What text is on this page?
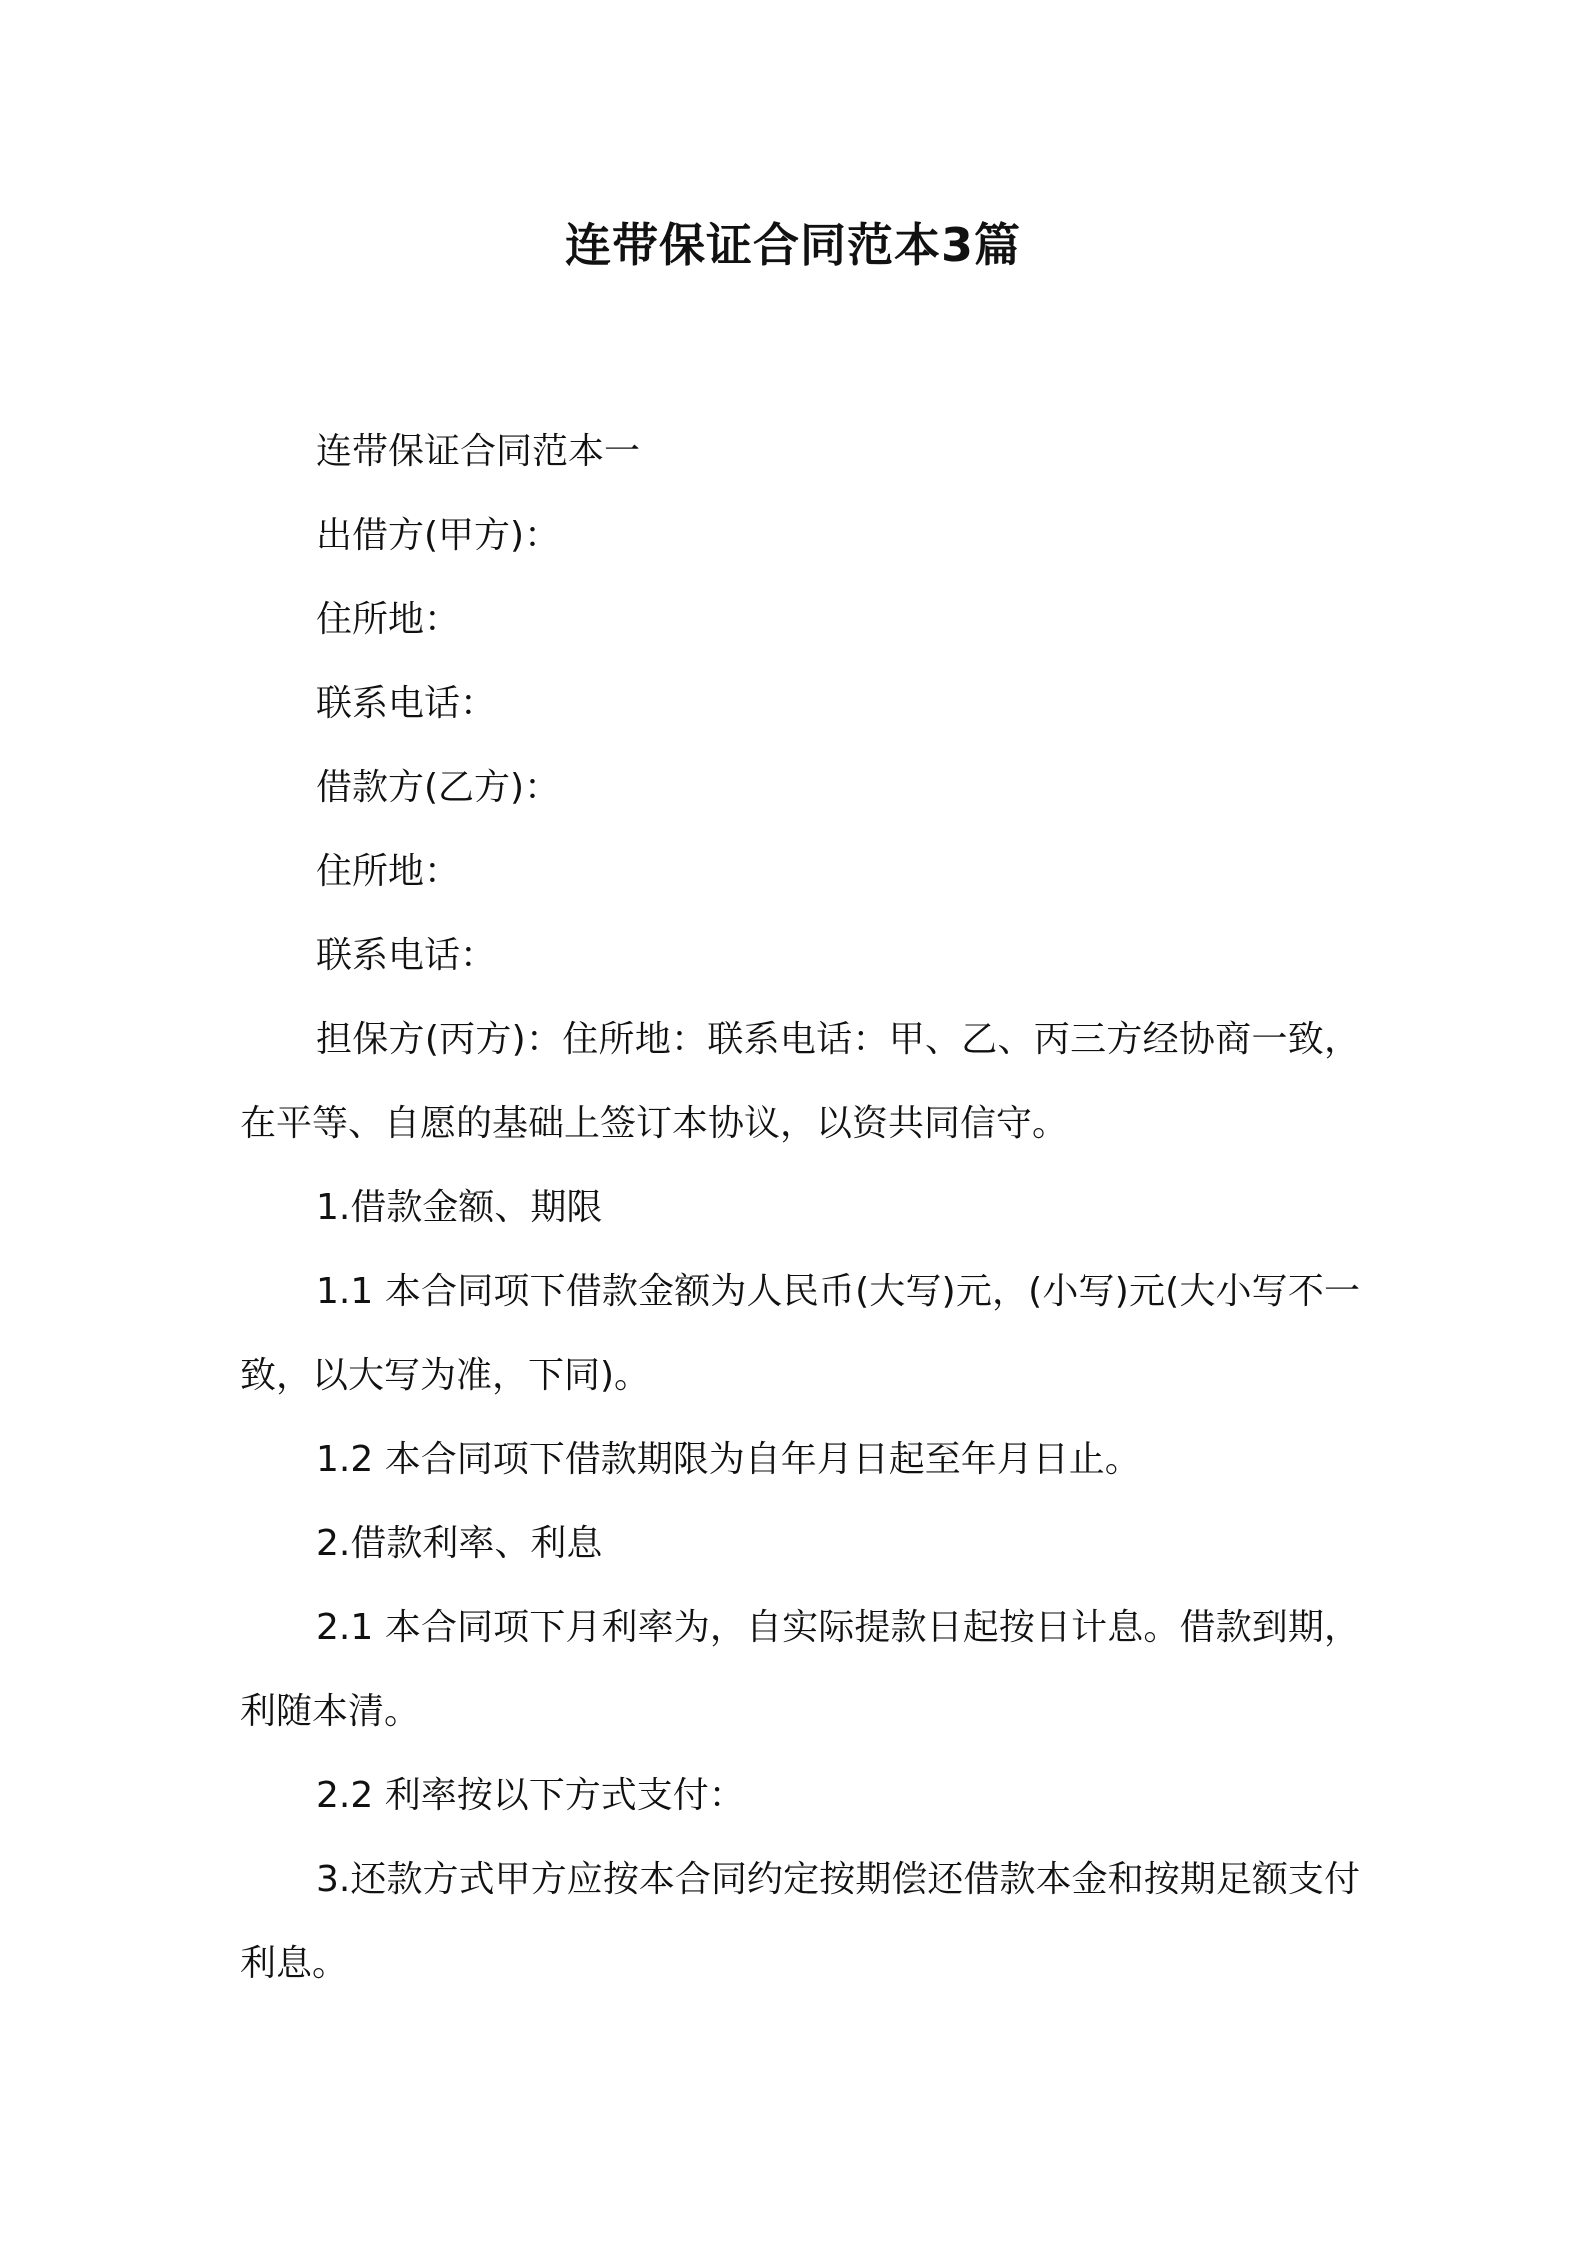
连带保证合同范本3篇

连带保证合同范本一

出借方(甲方)：

住所地：

联系电话：

借款方(乙方)：

住所地：

联系电话：

担保方(丙方)：住所地：联系电话：甲、乙、丙三方经协商一致，在平等、自愿的基础上签订本协议，以资共同信守。

1.借款金额、期限

1.1 本合同项下借款金额为人民币(大写)元，(小写)元(大小写不一致，以大写为准，下同)。

1.2 本合同项下借款期限为自年月日起至年月日止。

2.借款利率、利息

2.1 本合同项下月利率为，自实际提款日起按日计息。借款到期，利随本清。

2.2 利率按以下方式支付：

3.还款方式甲方应按本合同约定按期偿还借款本金和按期足额支付利息。
